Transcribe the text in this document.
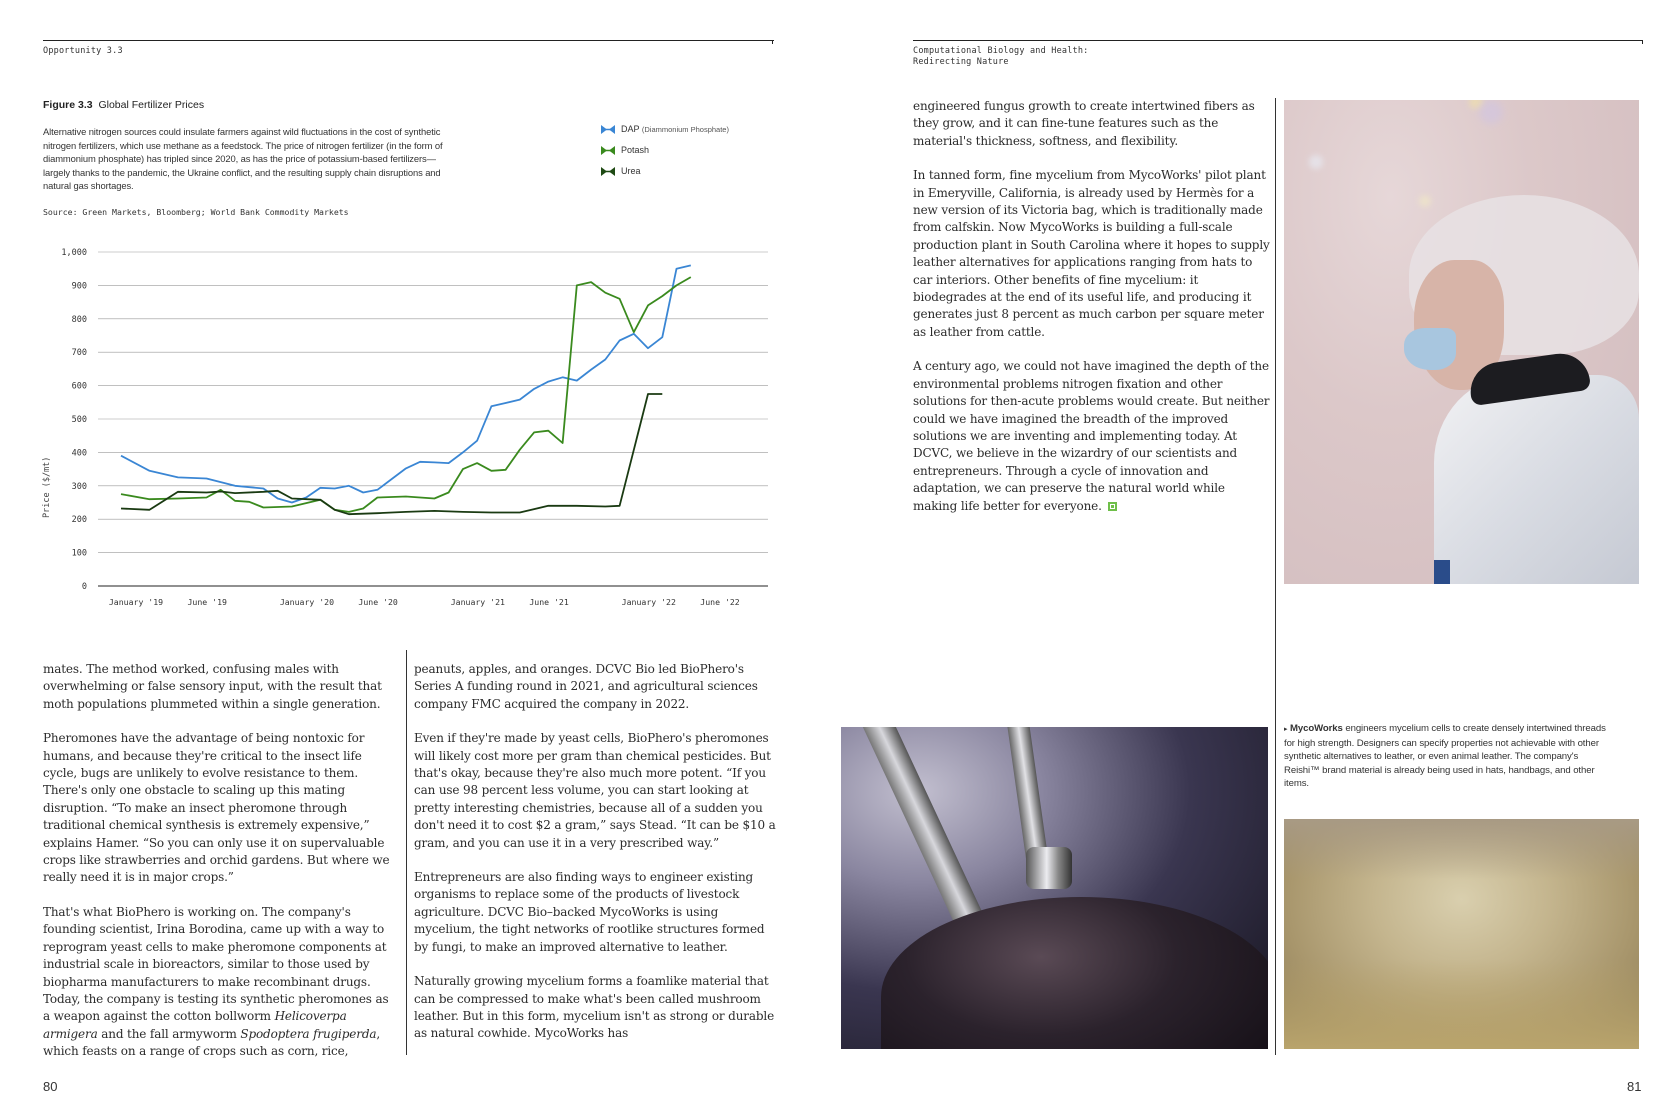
Opportunity 3.3
Figure 3.3 Global Fertilizer Prices
Alternative nitrogen sources could insulate farmers against wild fluctuations in the cost of synthetic nitrogen fertilizers, which use methane as a feedstock. The price of nitrogen fertilizer (in the form of diammonium phosphate) has tripled since 2020, as has the price of potassium-based fertilizers—largely thanks to the pandemic, the Ukraine conflict, and the resulting supply chain disruptions and natural gas shortages.
Source: Green Markets, Bloomberg; World Bank Commodity Markets
DAP (Diammonium Phosphate)
Potash
Urea
0
100
200
300
400
500
600
700
800
900
1,000
January '19	June '19	January '20	June '20	January '21	June '21	January '22	June '22
Price ($/mt)

mates. The method worked, confusing males with overwhelming or false sensory input, with the result that moth populations plummeted within a single generation.

Pheromones have the advantage of being nontoxic for humans, and because they're critical to the insect life cycle, bugs are unlikely to evolve resistance to them. There's only one obstacle to scaling up this mating disruption. “To make an insect pheromone through traditional chemical synthesis is extremely expensive,” explains Hamer. “So you can only use it on supervaluable crops like strawberries and orchid gardens. But where we really need it is in major crops.”

That's what BioPhero is working on. The company's founding scientist, Irina Borodina, came up with a way to reprogram yeast cells to make pheromone components at industrial scale in bioreactors, similar to those used by biopharma manufacturers to make recombinant drugs. Today, the company is testing its synthetic pheromones as a weapon against the cotton bollworm Helicoverpa armigera and the fall armyworm Spodoptera frugiperda, which feasts on a range of crops such as corn, rice,

peanuts, apples, and oranges. DCVC Bio led BioPhero's Series A funding round in 2021, and agricultural sciences company FMC acquired the company in 2022.

Even if they're made by yeast cells, BioPhero's pheromones will likely cost more per gram than chemical pesticides. But that's okay, because they're also much more potent. “If you can use 98 percent less volume, you can start looking at pretty interesting chemistries, because all of a sudden you don't need it to cost $2 a gram,” says Stead. “It can be $10 a gram, and you can use it in a very prescribed way.”

Entrepreneurs are also finding ways to engineer existing organisms to replace some of the products of livestock agriculture. DCVC Bio–backed MycoWorks is using mycelium, the tight networks of rootlike structures formed by fungi, to make an improved alternative to leather.

Naturally growing mycelium forms a foamlike material that can be compressed to make what's been called mushroom leather. But in this form, mycelium isn't as strong or durable as natural cowhide. MycoWorks has

80
Computational Biology and Health:
Redirecting Nature

engineered fungus growth to create intertwined fibers as they grow, and it can fine-tune features such as the material's thickness, softness, and flexibility.

In tanned form, fine mycelium from MycoWorks' pilot plant in Emeryville, California, is already used by Hermès for a new version of its Victoria bag, which is traditionally made from calfskin. Now MycoWorks is building a full-scale production plant in South Carolina where it hopes to supply leather alternatives for applications ranging from hats to car interiors. Other benefits of fine mycelium: it biodegrades at the end of its useful life, and producing it generates just 8 percent as much carbon per square meter as leather from cattle.

A century ago, we could not have imagined the depth of the environmental problems nitrogen fixation and other solutions for then-acute problems would create. But neither could we have imagined the breadth of the improved solutions we are inventing and implementing today. At DCVC, we believe in the wizardry of our scientists and entrepreneurs. Through a cycle of innovation and adaptation, we can preserve the natural world while making life better for everyone.

▸ MycoWorks engineers mycelium cells to create densely intertwined threads for high strength. Designers can specify properties not achievable with other synthetic alternatives to leather, or even animal leather. The company's Reishi™ brand material is already being used in hats, handbags, and other items.
81
